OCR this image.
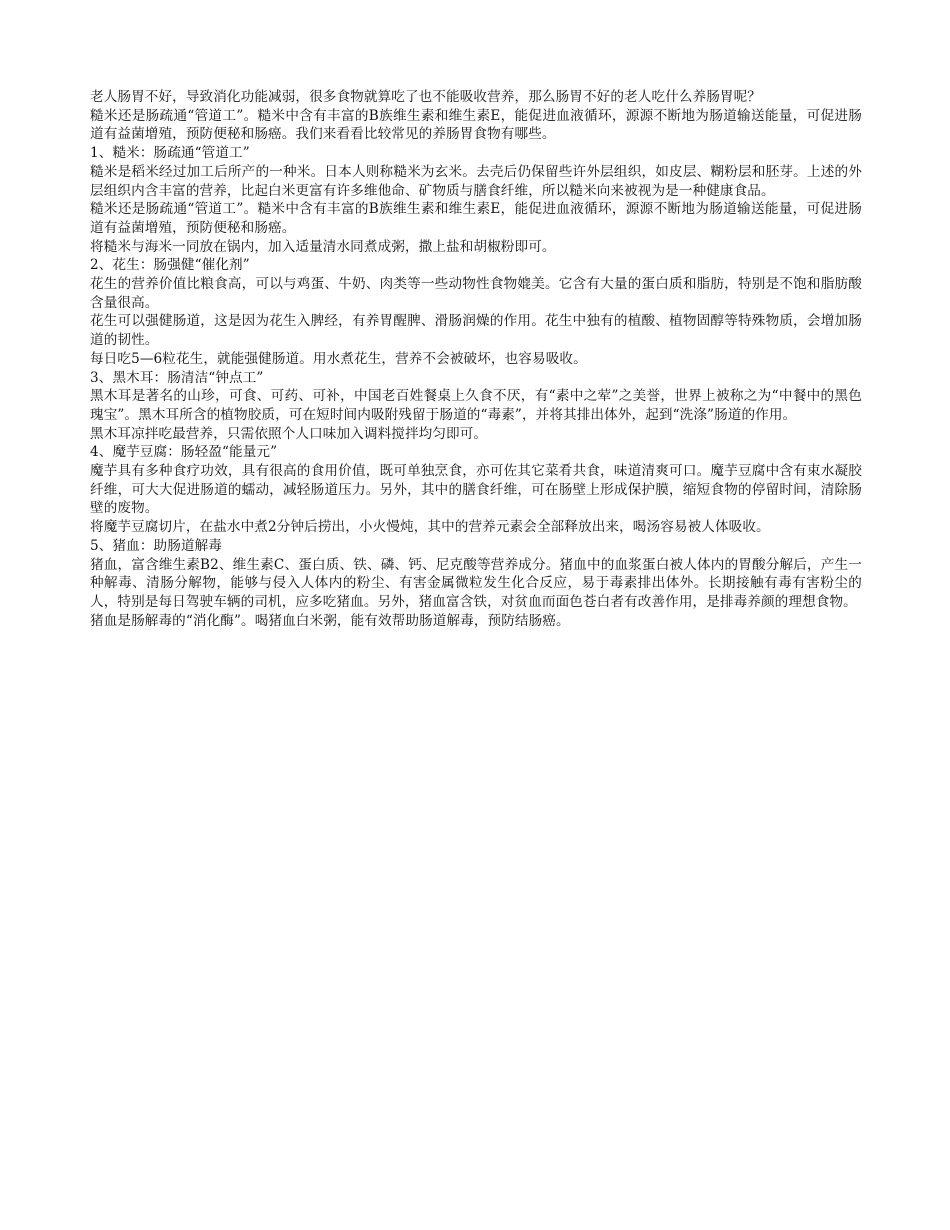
老人肠胃不好，导致消化功能减弱，很多食物就算吃了也不能吸收营养，那么肠胃不好的老人吃什么养肠胃呢？

糙米还是肠疏通“管道工”。糙米中含有丰富的B族维生素和维生素E，能促进血液循环，源源不断地为肠道输送能量，可促进肠道有益菌增殖，预防便秘和肠癌。我们来看看比较常见的养肠胃食物有哪些。

1、糙米：肠疏通“管道工”

糙米是稻米经过加工后所产的一种米。日本人则称糙米为玄米。去壳后仍保留些许外层组织，如皮层、糊粉层和胚芽。上述的外层组织内含丰富的营养，比起白米更富有许多维他命、矿物质与膳食纤维，所以糙米向来被视为是一种健康食品。

糙米还是肠疏通“管道工”。糙米中含有丰富的B族维生素和维生素E，能促进血液循环，源源不断地为肠道输送能量，可促进肠道有益菌增殖，预防便秘和肠癌。

将糙米与海米一同放在锅内，加入适量清水同煮成粥，撒上盐和胡椒粉即可。

2、花生：肠强健“催化剂”

花生的营养价值比粮食高，可以与鸡蛋、牛奶、肉类等一些动物性食物媲美。它含有大量的蛋白质和脂肪，特别是不饱和脂肪酸含量很高。

花生可以强健肠道，这是因为花生入脾经，有养胃醒脾、滑肠润燥的作用。花生中独有的植酸、植物固醇等特殊物质，会增加肠道的韧性。

每日吃5—6粒花生，就能强健肠道。用水煮花生，营养不会被破坏，也容易吸收。

3、黑木耳：肠清洁“钟点工”

黑木耳是著名的山珍，可食、可药、可补，中国老百姓餐桌上久食不厌，有“素中之荤”之美誉，世界上被称之为“中餐中的黑色瑰宝”。黑木耳所含的植物胶质，可在短时间内吸附残留于肠道的“毒素”，并将其排出体外，起到“洗涤”肠道的作用。

黑木耳凉拌吃最营养，只需依照个人口味加入调料搅拌均匀即可。

4、魔芋豆腐：肠轻盈“能量元”

魔芋具有多种食疗功效，具有很高的食用价值，既可单独烹食，亦可佐其它菜肴共食，味道清爽可口。魔芋豆腐中含有束水凝胶纤维，可大大促进肠道的蠕动，减轻肠道压力。另外，其中的膳食纤维，可在肠壁上形成保护膜，缩短食物的停留时间，清除肠壁的废物。

将魔芋豆腐切片，在盐水中煮2分钟后捞出，小火慢炖，其中的营养元素会全部释放出来，喝汤容易被人体吸收。

5、猪血：助肠道解毒

猪血，富含维生素B2、维生素C、蛋白质、铁、磷、钙、尼克酸等营养成分。猪血中的血浆蛋白被人体内的胃酸分解后，产生一种解毒、清肠分解物，能够与侵入人体内的粉尘、有害金属微粒发生化合反应，易于毒素排出体外。长期接触有毒有害粉尘的人，特别是每日驾驶车辆的司机，应多吃猪血。另外，猪血富含铁，对贫血而面色苍白者有改善作用，是排毒养颜的理想食物。

猪血是肠解毒的“消化酶”。喝猪血白米粥，能有效帮助肠道解毒，预防结肠癌。
